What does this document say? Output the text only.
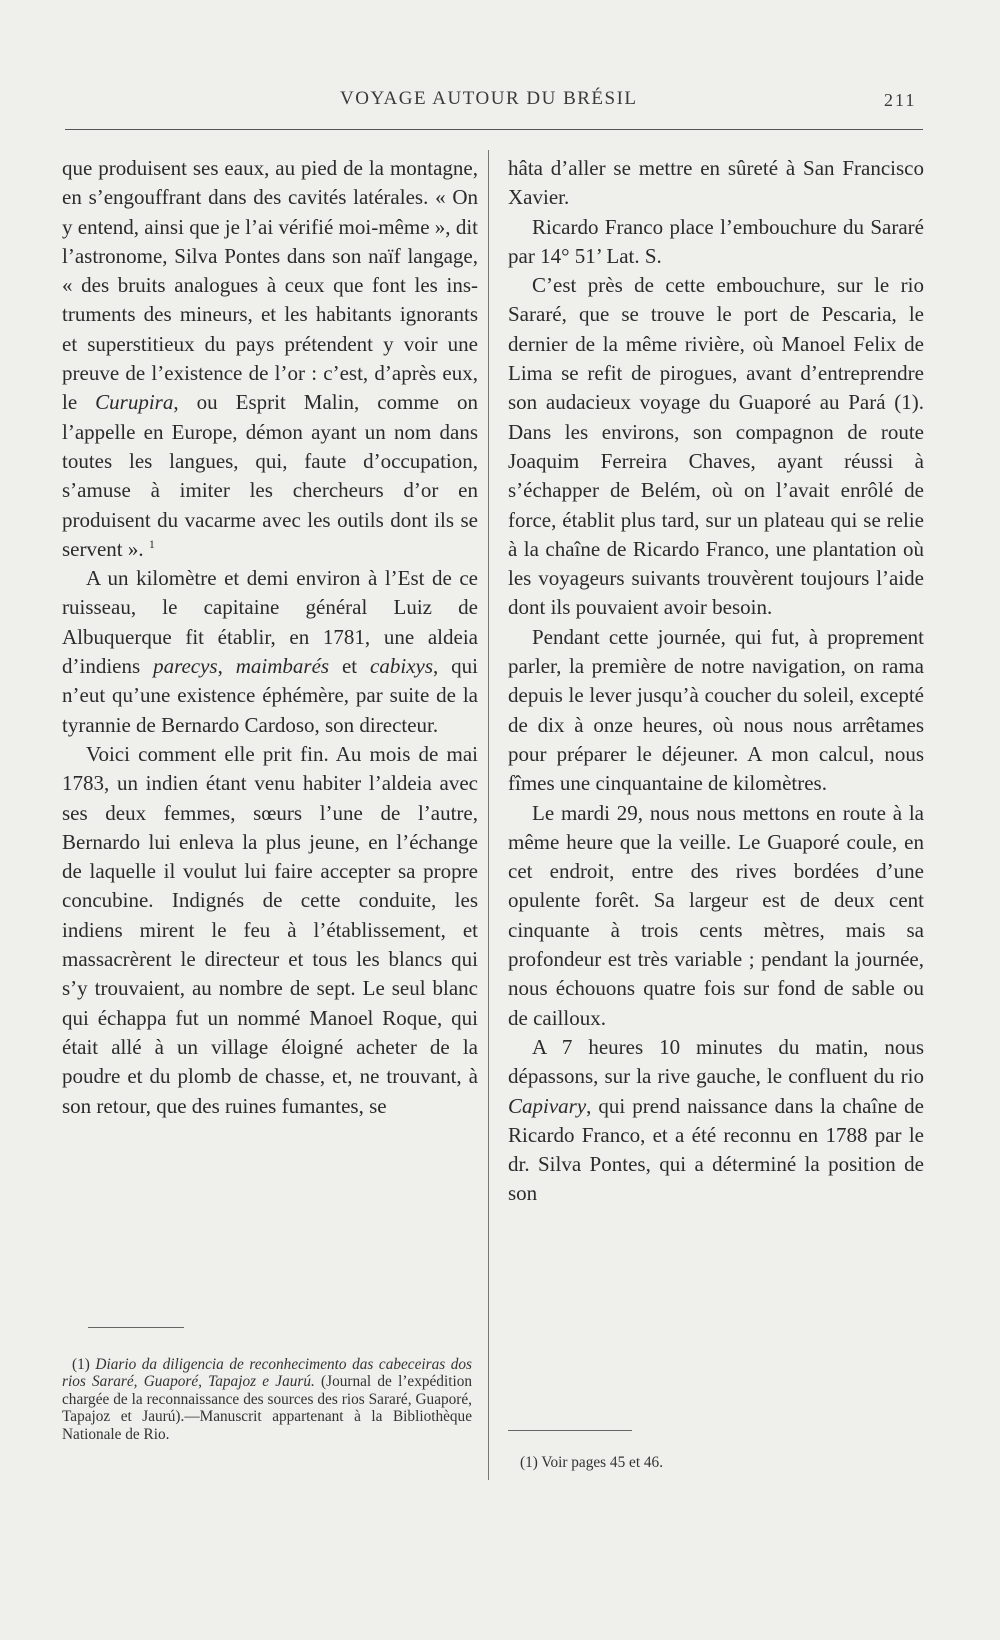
VOYAGE AUTOUR DU BRÉSIL	211

que produisent ses eaux, au pied de la montagne, en s’engouffrant dans des cavités latérales. « On y entend, ainsi que je l’ai vérifié moi-même », dit l’astronome, Silva Pontes dans son naïf langage, « des bruits analogues à ceux que font les instruments des mineurs, et les habitants ignorants et superstitieux du pays prétendent y voir une preuve de l’existence de l’or : c’est, d’après eux, le Curupira, ou Esprit Malin, comme on l’appelle en Europe, démon ayant un nom dans toutes les langues, qui, faute d’occupation, s’amuse à imiter les chercheurs d’or en produisent du vacarme avec les outils dont ils se servent ». $^1$

A un kilomètre et demi environ à l’Est de ce ruisseau, le capitaine général Luiz de Albuquerque fit établir, en 1781, une aldeia d’indiens parecys, maimbarés et cabixys, qui n’eut qu’une existence éphémère, par suite de la tyrannie de Bernardo Cardoso, son directeur.

Voici comment elle prit fin. Au mois de mai 1783, un indien étant venu habiter l’aldeia avec ses deux femmes, sœurs l’une de l’autre, Bernardo lui enleva la plus jeune, en l’échange de laquelle il voulut lui faire accepter sa propre concubine. Indignés de cette conduite, les indiens mirent le feu à l’établissement, et massacrèrent le directeur et tous les blancs qui s’y trouvaient, au nombre de sept. Le seul blanc qui échappa fut un nommé Manoel Roque, qui était allé à un village éloigné acheter de la poudre et du plomb de chasse, et, ne trouvant, à son retour, que des ruines fumantes, se

(1) Diario da diligencia de reconhecimento das cabeceiras dos rios Sararé, Guaporé, Tapajoz e Jaurú. (Journal de l’expédition chargée de la reconnaissance des sources des rios Sararé, Guaporé, Tapajoz et Jaurú).—Manuscrit appartenant à la Bibliothèque Nationale de Rio.

hâta d’aller se mettre en sûreté à San Francisco Xavier.

Ricardo Franco place l’embouchure du Sararé par 14° 51’ Lat. S.

C’est près de cette embouchure, sur le rio Sararé, que se trouve le port de Pescaria, le dernier de la même rivière, où Manoel Felix de Lima se refit de pirogues, avant d’entreprendre son audacieux voyage du Guaporé au Pará (1). Dans les environs, son compagnon de route Joaquim Ferreira Chaves, ayant réussi à s’échapper de Belém, où on l’avait enrôlé de force, établit plus tard, sur un plateau qui se relie à la chaîne de Ricardo Franco, une plantation où les voyageurs suivants trouvèrent toujours l’aide dont ils pouvaient avoir besoin.

Pendant cette journée, qui fut, à proprement parler, la première de notre navigation, on rama depuis le lever jusqu’à coucher du soleil, excepté de dix à onze heures, où nous nous arrêtames pour préparer le déjeuner. A mon calcul, nous fîmes une cinquantaine de kilomètres.

Le mardi 29, nous nous mettons en route à la même heure que la veille. Le Guaporé coule, en cet endroit, entre des rives bordées d’une opulente forêt. Sa largeur est de deux cent cinquante à trois cents mètres, mais sa profondeur est très variable ; pendant la journée, nous échouons quatre fois sur fond de sable ou de cailloux.

A 7 heures 10 minutes du matin, nous dépassons, sur la rive gauche, le confluent du rio Capivary, qui prend naissance dans la chaîne de Ricardo Franco, et a été reconnu en 1788 par le dr. Silva Pontes, qui a déterminé la position de son

(1) Voir pages 45 et 46.
